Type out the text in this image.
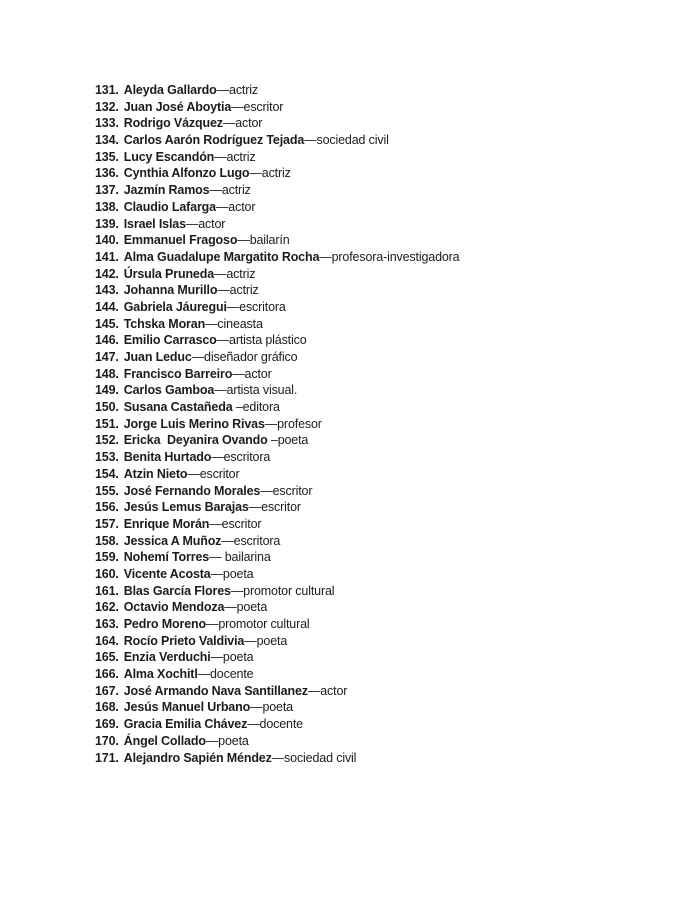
131. Aleyda Gallardo—actriz
132. Juan José Aboytia—escritor
133. Rodrigo Vázquez—actor
134. Carlos Aarón Rodríguez Tejada—sociedad civil
135. Lucy Escandón—actriz
136. Cynthia Alfonzo Lugo—actriz
137. Jazmín Ramos—actriz
138. Claudio Lafarga—actor
139. Israel Islas—actor
140. Emmanuel Fragoso—bailarín
141. Alma Guadalupe Margatito Rocha—profesora-investigadora
142. Úrsula Pruneda—actriz
143. Johanna Murillo—actriz
144. Gabriela Jáuregui—escritora
145. Tchska Moran—cineasta
146. Emilio Carrasco—artista plástico
147. Juan Leduc—diseñador gráfico
148. Francisco Barreiro—actor
149. Carlos Gamboa—artista visual.
150. Susana Castañeda –editora
151. Jorge Luis Merino Rivas—profesor
152. Ericka  Deyanira Ovando –poeta
153. Benita Hurtado—escritora
154. Atzin Nieto—escritor
155. José Fernando Morales—escritor
156. Jesús Lemus Barajas—escritor
157. Enrique Morán—escritor
158. Jessica A Muñoz—escritora
159. Nohemí Torres— bailarina
160. Vicente Acosta—poeta
161. Blas García Flores—promotor cultural
162. Octavio Mendoza—poeta
163. Pedro Moreno—promotor cultural
164. Rocío Prieto Valdivia—poeta
165. Enzia Verduchi—poeta
166. Alma Xochitl—docente
167. José Armando Nava Santillanez—actor
168. Jesús Manuel Urbano—poeta
169. Gracia Emilia Chávez—docente
170. Ángel Collado—poeta
171. Alejandro Sapién Méndez—sociedad civil
